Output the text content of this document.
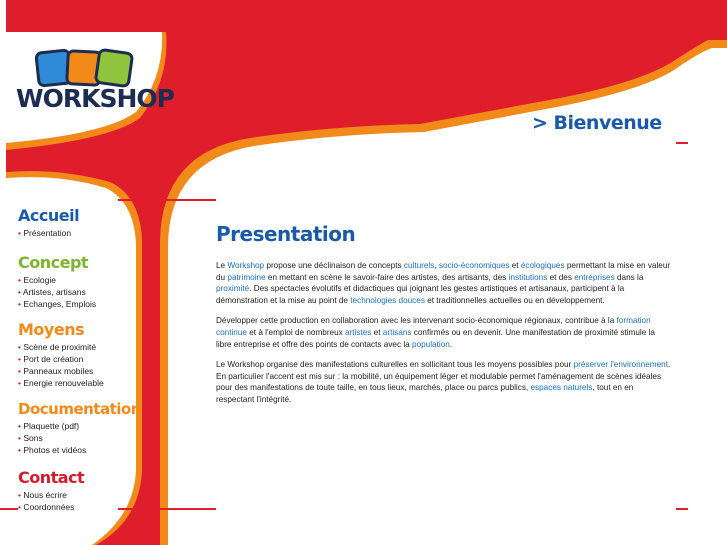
WORKSHOP
> Bienvenue
Accueil
• Présentation
Concept
• Ecologie
• Artistes, artisans
• Echanges, Emplois
Moyens
• Scène de proximité
• Port de création
• Panneaux mobiles
• Energie renouvelable
Documentation
• Plaquette (pdf)
• Sons
• Photos et vidéos
Contact
• Nous écrire
• Coordonnées
Presentation

Le Workshop propose une déclinaison de concepts culturels, socio-économiques et écologiques permettant la mise en valeur du patrimoine en mettant en scène le savoir-faire des artistes, des artisants, des institutions et des entreprises dans la proximité. Des spectacles évolutifs et didactiques qui joignant les gestes artistiques et artisanaux, participent à la démonstration et la mise au point de technologies douces et traditionnelles actuelles ou en développement.

Développer cette production en collaboration avec les intervenant socio-économique régionaux, contribue à la formation continue et à l'emploi de nombreux artistes et artisans confirmés ou en devenir. Une manifestation de proximité stimule la libre entreprise et offre des points de contacts avec la population.

Le Workshop organise des manifestations culturelles en sollicitant tous les moyens possibles pour préserver l'environnement. En particulier l'accent est mis sur : la mobilité, un équipement léger et modulable permet l'aménagement de scènes idéales pour des manifestations de toute taille, en tous lieux, marchés, place ou parcs publics, espaces naturels, tout en en respectant l'intégrité.
